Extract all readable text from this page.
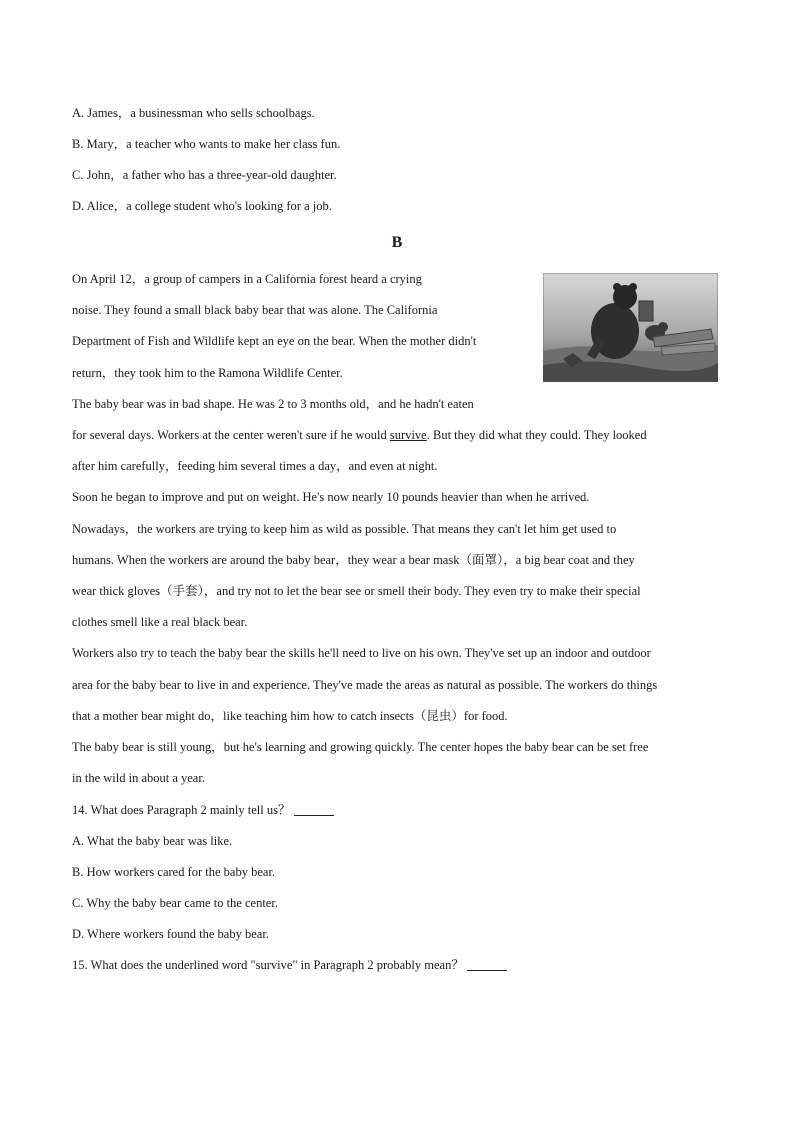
A. James，a businessman who sells schoolbags.
B. Mary，a teacher who wants to make her class fun.
C. John，a father who has a three-year-old daughter.
D. Alice，a college student who's looking for a job.
B
On April 12，a group of campers in a California forest heard a crying
noise. They found a small black baby bear that was alone. The California
Department of Fish and Wildlife kept an eye on the bear. When the mother didn't
return，they took him to the Ramona Wildlife Center.
The baby bear was in bad shape. He was 2 to 3 months old，and he hadn't eaten
for several days. Workers at the center weren't sure if he would survive. But they did what they could. They looked
after him carefully，feeding him several times a day，and even at night.
Soon he began to improve and put on weight. He's now nearly 10 pounds heavier than when he arrived.
Nowadays，the workers are trying to keep him as wild as possible. That means they can't let him get used to
humans. When the workers are around the baby bear，they wear a bear mask（面罩），a big bear coat and they
wear thick gloves（手套），and try not to let the bear see or smell their body. They even try to make their special
clothes smell like a real black bear.
Workers also try to teach the baby bear the skills he'll need to live on his own. They've set up an indoor and outdoor
area for the baby bear to live in and experience. They've made the areas as natural as possible. The workers do things
that a mother bear might do，like teaching him how to catch insects（昆虫）for food.
The baby bear is still young，but he's learning and growing quickly. The center hopes the baby bear can be set free
in the wild in about a year.
14. What does Paragraph 2 mainly tell us？
A. What the baby bear was like.
B. How workers cared for the baby bear.
C. Why the baby bear came to the center.
D. Where workers found the baby bear.
15. What does the underlined word "survive" in Paragraph 2 probably mean？
